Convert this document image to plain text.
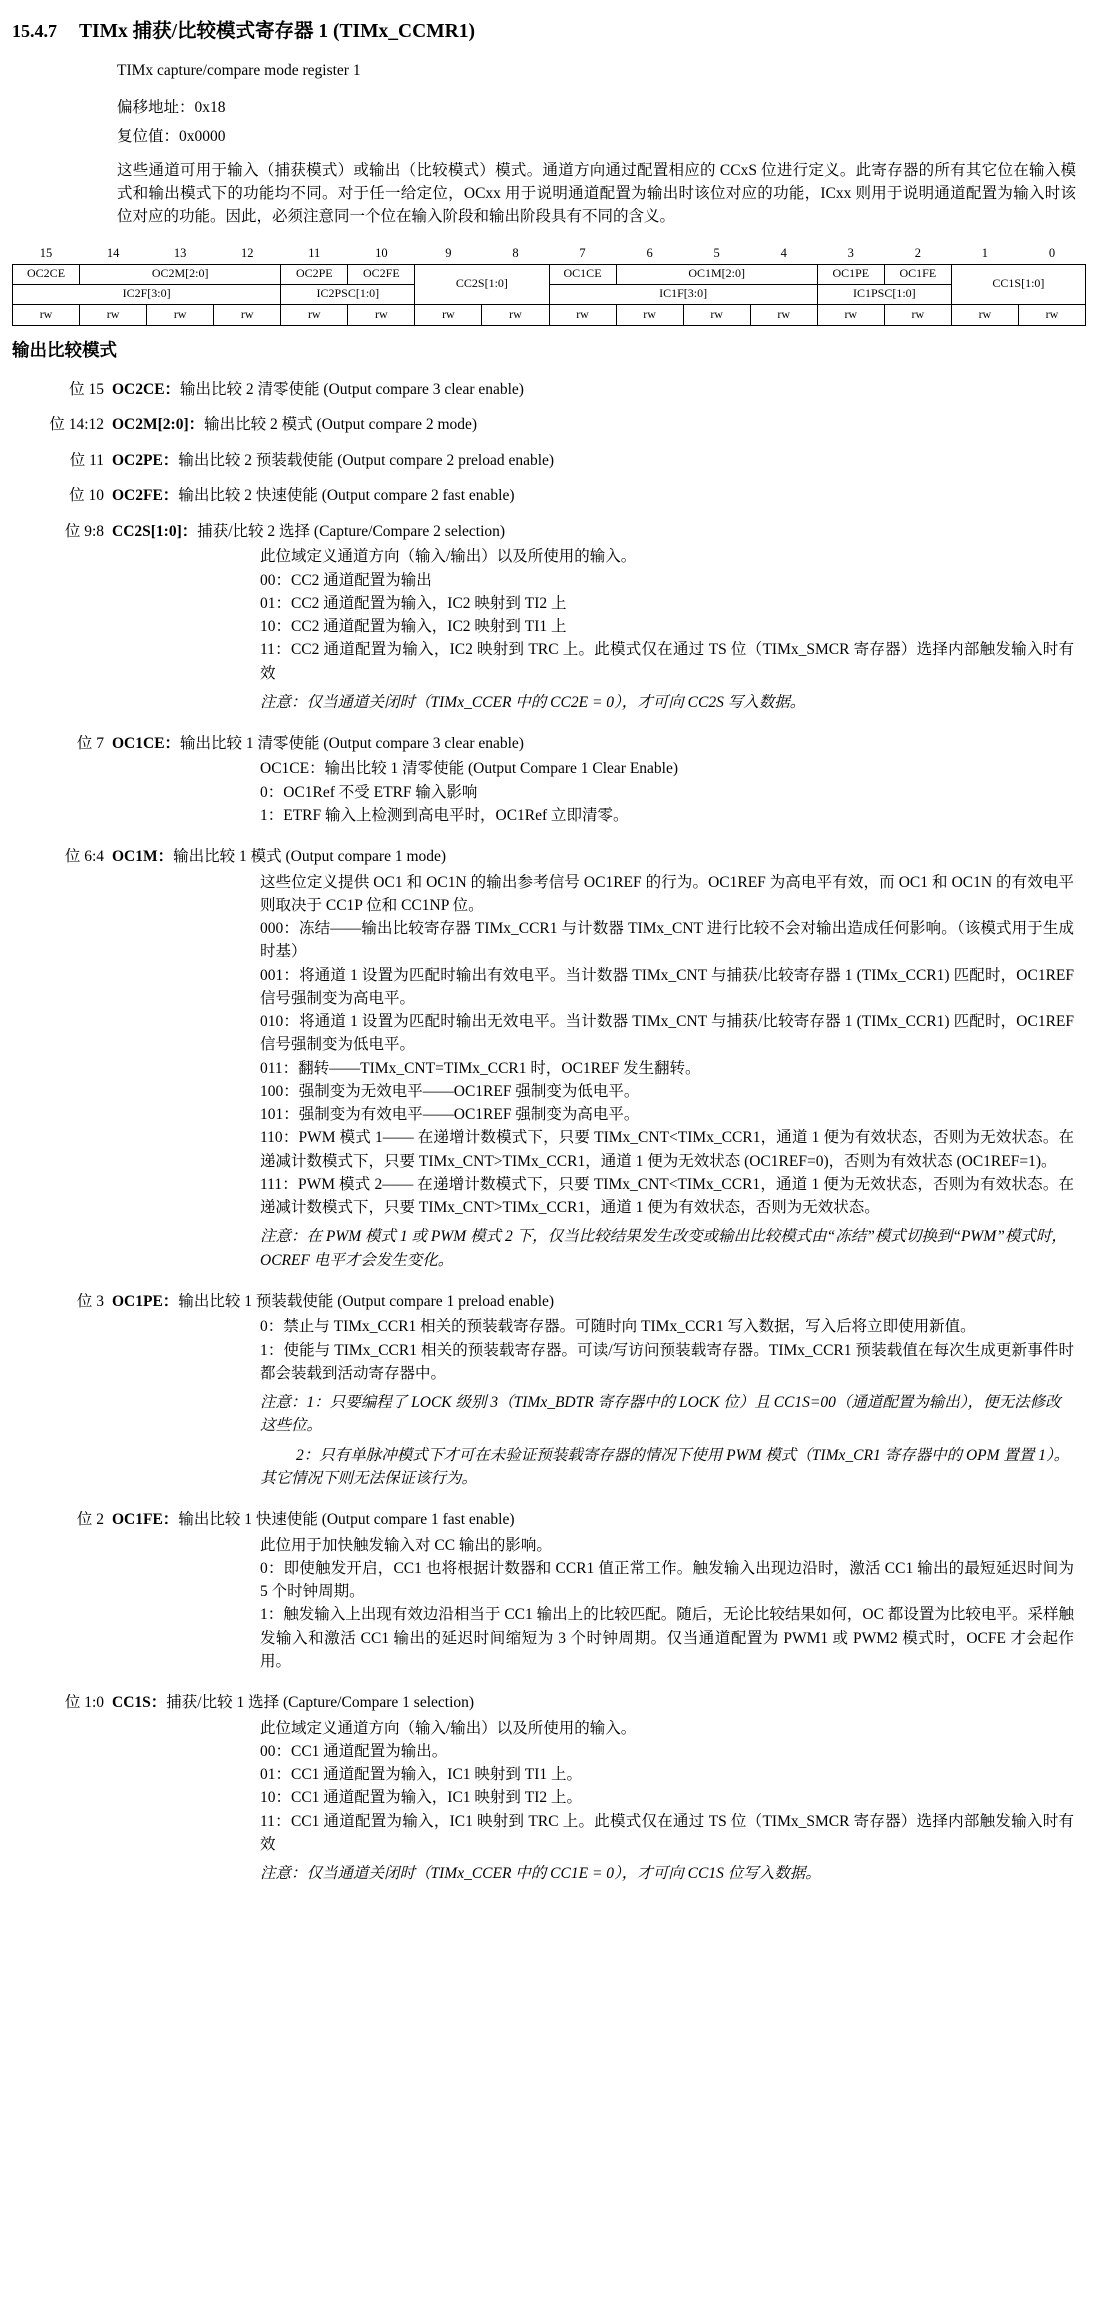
15.4.7 TIMx 捕获/比较模式寄存器 1 (TIMx_CCMR1)
TIMx capture/compare mode register 1
偏移地址：0x18
复位值：0x0000
这些通道可用于输入（捕获模式）或输出（比较模式）模式。通道方向通过配置相应的 CCxS 位进行定义。此寄存器的所有其它位在输入模式和输出模式下的功能均不同。对于任一给定位，OCxx 用于说明通道配置为输出时该位对应的功能，ICxx 则用于说明通道配置为输入时该位对应的功能。因此，必须注意同一个位在输入阶段和输出阶段具有不同的含义。
15	14	13	12	11	10	9	8	7	6	5	4	3	2	1	0
OC2CE	OC2M[2:0]			OC2PE	OC2FE	CC2S[1:0]		OC1CE	OC1M[2:0]			OC1PE	OC1FE	CC1S[1:0]	
IC2F[3:0]				IC2PSC[1:0]				IC1F[3:0]				IC1PSC[1:0]			
rw	rw	rw	rw	rw	rw	rw	rw	rw	rw	rw	rw	rw	rw	rw	rw
输出比较模式
位 15 OC2CE：输出比较 2 清零使能 (Output compare 3 clear enable)
位 14:12 OC2M[2:0]：输出比较 2 模式 (Output compare 2 mode)
位 11 OC2PE：输出比较 2 预装载使能 (Output compare 2 preload enable)
位 10 OC2FE：输出比较 2 快速使能 (Output compare 2 fast enable)
位 9:8 CC2S[1:0]：捕获/比较 2 选择 (Capture/Compare 2 selection)
此位域定义通道方向（输入/输出）以及所使用的输入。
00：CC2 通道配置为输出
01：CC2 通道配置为输入，IC2 映射到 TI2 上
10：CC2 通道配置为输入，IC2 映射到 TI1 上
11：CC2 通道配置为输入，IC2 映射到 TRC 上。此模式仅在通过 TS 位（TIMx_SMCR 寄存器）选择内部触发输入时有效
注意：仅当通道关闭时（TIMx_CCER 中的 CC2E = 0），才可向 CC2S 写入数据。
位 7 OC1CE：输出比较 1 清零使能 (Output compare 3 clear enable)
OC1CE：输出比较 1 清零使能 (Output Compare 1 Clear Enable)
0：OC1Ref 不受 ETRF 输入影响
1：ETRF 输入上检测到高电平时，OC1Ref 立即清零。
位 6:4 OC1M：输出比较 1 模式 (Output compare 1 mode)
这些位定义提供 OC1 和 OC1N 的输出参考信号 OC1REF 的行为。OC1REF 为高电平有效，而 OC1 和 OC1N 的有效电平则取决于 CC1P 位和 CC1NP 位。
000：冻结——输出比较寄存器 TIMx_CCR1 与计数器 TIMx_CNT 进行比较不会对输出造成任何影响。（该模式用于生成时基）
001：将通道 1 设置为匹配时输出有效电平。当计数器 TIMx_CNT 与捕获/比较寄存器 1 (TIMx_CCR1) 匹配时，OC1REF 信号强制变为高电平。
010：将通道 1 设置为匹配时输出无效电平。当计数器 TIMx_CNT 与捕获/比较寄存器 1 (TIMx_CCR1) 匹配时，OC1REF 信号强制变为低电平。
011：翻转——TIMx_CNT=TIMx_CCR1 时，OC1REF 发生翻转。
100：强制变为无效电平——OC1REF 强制变为低电平。
101：强制变为有效电平——OC1REF 强制变为高电平。
110：PWM 模式 1—— 在递增计数模式下，只要 TIMx_CNT<TIMx_CCR1，通道 1 便为有效状态，否则为无效状态。在递减计数模式下，只要 TIMx_CNT>TIMx_CCR1，通道 1 便为无效状态 (OC1REF=0)，否则为有效状态 (OC1REF=1)。
111：PWM 模式 2—— 在递增计数模式下，只要 TIMx_CNT<TIMx_CCR1，通道 1 便为无效状态，否则为有效状态。在递减计数模式下，只要 TIMx_CNT>TIMx_CCR1，通道 1 便为有效状态，否则为无效状态。
注意：在 PWM 模式 1 或 PWM 模式 2 下，仅当比较结果发生改变或输出比较模式由“冻结”模式切换到“PWM”模式时，OCREF 电平才会发生变化。
位 3 OC1PE：输出比较 1 预装载使能 (Output compare 1 preload enable)
0：禁止与 TIMx_CCR1 相关的预装载寄存器。可随时向 TIMx_CCR1 写入数据，写入后将立即使用新值。
1：使能与 TIMx_CCR1 相关的预装载寄存器。可读/写访问预装载寄存器。TIMx_CCR1 预装载值在每次生成更新事件时都会装载到活动寄存器中。
注意：1：只要编程了 LOCK 级别 3（TIMx_BDTR 寄存器中的 LOCK 位）且 CC1S=00（通道配置为输出），便无法修改这些位。
2：只有单脉冲模式下才可在未验证预装载寄存器的情况下使用 PWM 模式（TIMx_CR1 寄存器中的 OPM 置置 1）。其它情况下则无法保证该行为。
位 2 OC1FE：输出比较 1 快速使能 (Output compare 1 fast enable)
此位用于加快触发输入对 CC 输出的影响。
0：即使触发开启，CC1 也将根据计数器和 CCR1 值正常工作。触发输入出现边沿时，激活 CC1 输出的最短延迟时间为 5 个时钟周期。
1：触发输入上出现有效边沿相当于 CC1 输出上的比较匹配。随后，无论比较结果如何，OC 都设置为比较电平。采样触发输入和激活 CC1 输出的延迟时间缩短为 3 个时钟周期。仅当通道配置为 PWM1 或 PWM2 模式时，OCFE 才会起作用。
位 1:0 CC1S：捕获/比较 1 选择 (Capture/Compare 1 selection)
此位域定义通道方向（输入/输出）以及所使用的输入。
00：CC1 通道配置为输出。
01：CC1 通道配置为输入，IC1 映射到 TI1 上。
10：CC1 通道配置为输入，IC1 映射到 TI2 上。
11：CC1 通道配置为输入，IC1 映射到 TRC 上。此模式仅在通过 TS 位（TIMx_SMCR 寄存器）选择内部触发输入时有效
注意：仅当通道关闭时（TIMx_CCER 中的 CC1E = 0），才可向 CC1S 位写入数据。
